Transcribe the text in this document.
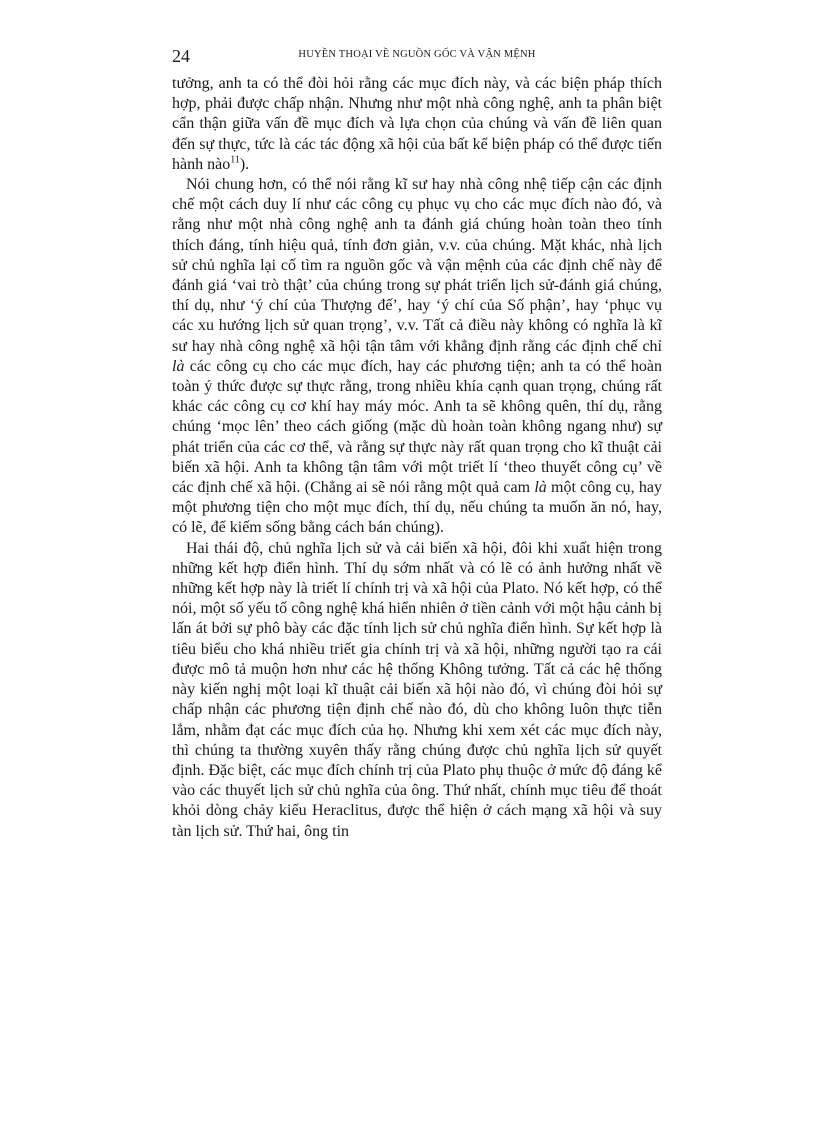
24	HUYỀN THOẠI VỀ NGUỒN GỐC VÀ VẬN MỆNH

tưởng, anh ta có thể đòi hỏi rằng các mục đích này, và các biện pháp thích hợp, phải được chấp nhận. Nhưng như một nhà công nghệ, anh ta phân biệt cẩn thận giữa vấn đề mục đích và lựa chọn của chúng và vấn đề liên quan đến sự thực, tức là các tác động xã hội của bất kể biện pháp có thể được tiến hành nào$^{11}$).

Nói chung hơn, có thể nói rằng kĩ sư hay nhà công nhệ tiếp cận các định chế một cách duy lí như các công cụ phục vụ cho các mục đích nào đó, và rằng như một nhà công nghệ anh ta đánh giá chúng hoàn toàn theo tính thích đáng, tính hiệu quả, tính đơn giản, v.v. của chúng. Mặt khác, nhà lịch sử chủ nghĩa lại cố tìm ra nguồn gốc và vận mệnh của các định chế này để đánh giá ‘vai trò thật’ của chúng trong sự phát triển lịch sử-đánh giá chúng, thí dụ, như ‘ý chí của Thượng đế’, hay ‘ý chí của Số phận’, hay ‘phục vụ các xu hướng lịch sử quan trọng’, v.v. Tất cả điều này không có nghĩa là kĩ sư hay nhà công nghệ xã hội tận tâm với khẳng định rằng các định chế chỉ là các công cụ cho các mục đích, hay các phương tiện; anh ta có thể hoàn toàn ý thức được sự thực rằng, trong nhiều khía cạnh quan trọng, chúng rất khác các công cụ cơ khí hay máy móc. Anh ta sẽ không quên, thí dụ, rằng chúng ‘mọc lên’ theo cách giống (mặc dù hoàn toàn không ngang như) sự phát triển của các cơ thể, và rằng sự thực này rất quan trọng cho kĩ thuật cải biến xã hội. Anh ta không tận tâm với một triết lí ‘theo thuyết công cụ’ về các định chế xã hội. (Chẳng ai sẽ nói rằng một quả cam là một công cụ, hay một phương tiện cho một mục đích, thí dụ, nếu chúng ta muốn ăn nó, hay, có lẽ, để kiếm sống bằng cách bán chúng).

Hai thái độ, chủ nghĩa lịch sử và cải biến xã hội, đôi khi xuất hiện trong những kết hợp điển hình. Thí dụ sớm nhất và có lẽ có ảnh hưởng nhất về những kết hợp này là triết lí chính trị và xã hội của Plato. Nó kết hợp, có thể nói, một số yếu tố công nghệ khá hiển nhiên ở tiền cảnh với một hậu cảnh bị lấn át bởi sự phô bày các đặc tính lịch sử chủ nghĩa điển hình. Sự kết hợp là tiêu biểu cho khá nhiều triết gia chính trị và xã hội, những người tạo ra cái được mô tả muộn hơn như các hệ thống Không tưởng. Tất cả các hệ thống này kiến nghị một loại kĩ thuật cải biến xã hội nào đó, vì chúng đòi hỏi sự chấp nhận các phương tiện định chế nào đó, dù cho không luôn thực tiễn lắm, nhằm đạt các mục đích của họ. Nhưng khi xem xét các mục đích này, thì chúng ta thường xuyên thấy rằng chúng được chủ nghĩa lịch sử quyết định. Đặc biệt, các mục đích chính trị của Plato phụ thuộc ở mức độ đáng kể vào các thuyết lịch sử chủ nghĩa của ông. Thứ nhất, chính mục tiêu để thoát khỏi dòng chảy kiểu Heraclitus, được thể hiện ở cách mạng xã hội và suy tàn lịch sử. Thứ hai, ông tin
